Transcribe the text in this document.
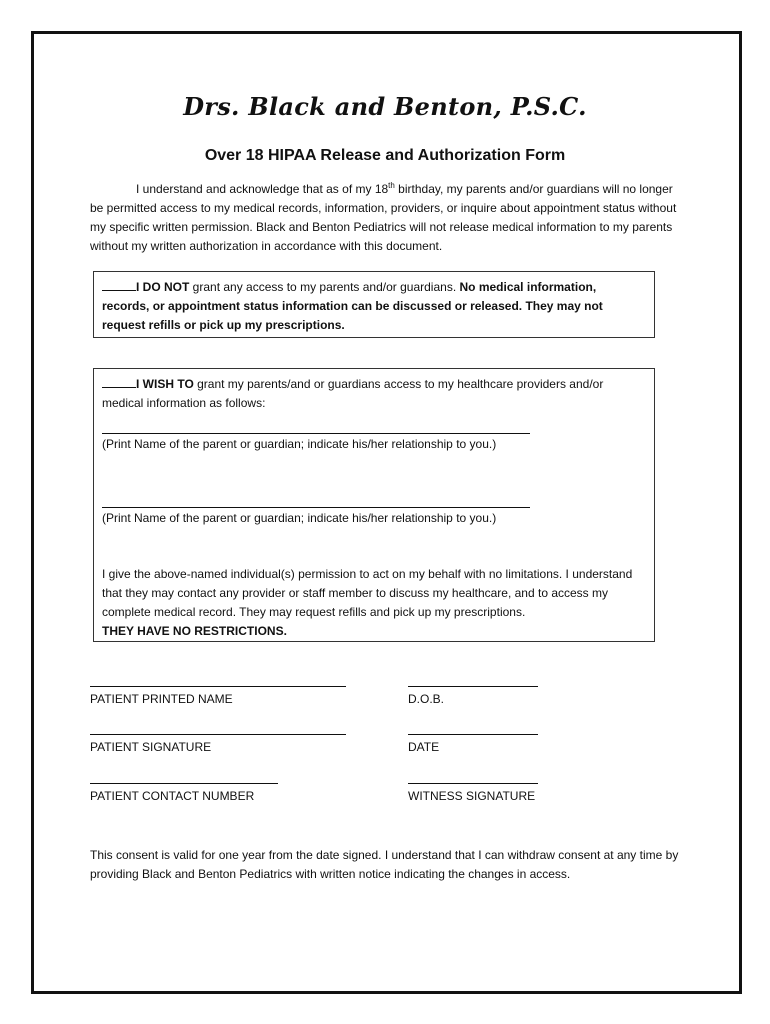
Drs. Black and Benton, P.S.C.
Over 18 HIPAA Release and Authorization Form
I understand and acknowledge that as of my 18th birthday, my parents and/or guardians will no longer be permitted access to my medical records, information, providers, or inquire about appointment status without my specific written permission. Black and Benton Pediatrics will not release medical information to my parents without my written authorization in accordance with this document.
I DO NOT grant any access to my parents and/or guardians. No medical information, records, or appointment status information can be discussed or released. They may not request refills or pick up my prescriptions.
I WISH TO grant my parents/and or guardians access to my healthcare providers and/or medical information as follows:
(Print Name of the parent or guardian; indicate his/her relationship to you.)
(Print Name of the parent or guardian; indicate his/her relationship to you.)
I give the above-named individual(s) permission to act on my behalf with no limitations. I understand that they may contact any provider or staff member to discuss my healthcare, and to access my complete medical record. They may request refills and pick up my prescriptions.
THEY HAVE NO RESTRICTIONS.
PATIENT PRINTED NAME	D.O.B.
PATIENT SIGNATURE	DATE
PATIENT CONTACT NUMBER	WITNESS SIGNATURE
This consent is valid for one year from the date signed. I understand that I can withdraw consent at any time by providing Black and Benton Pediatrics with written notice indicating the changes in access.
